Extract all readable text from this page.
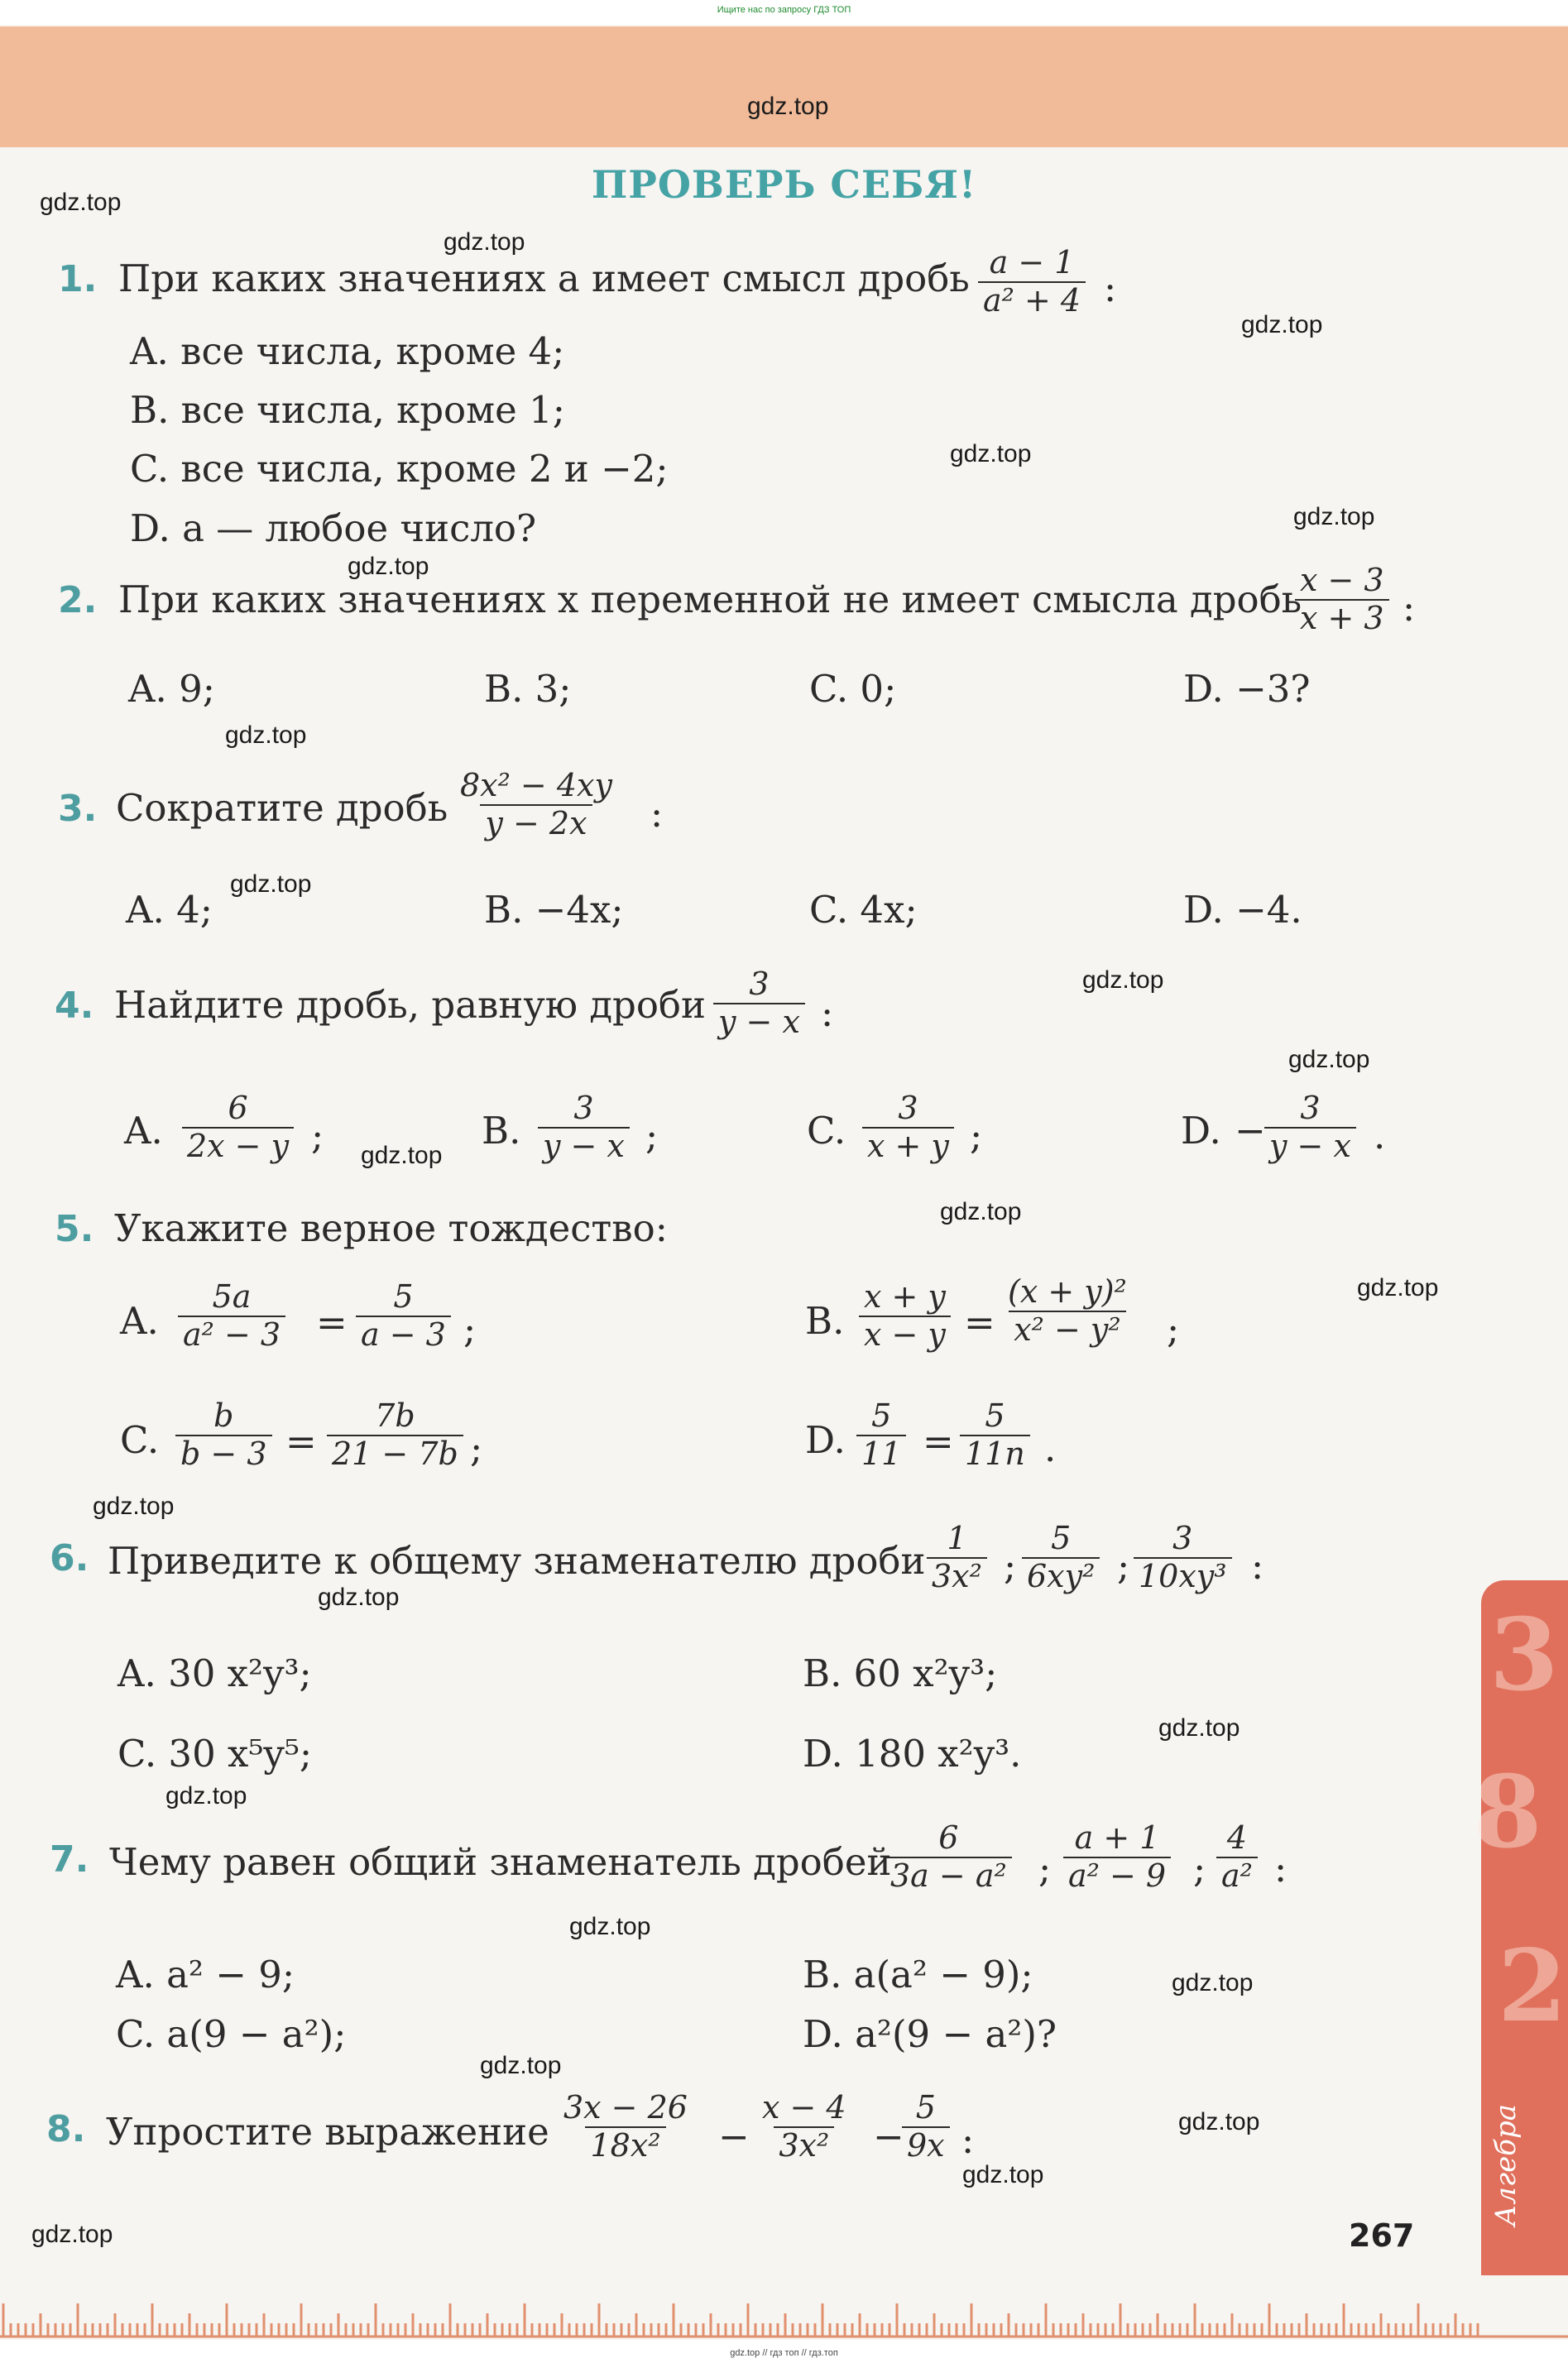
Ищите нас по запросу ГДЗ ТОП
ПРОВЕРЬ СЕБЯ!
3
8
2
Алгебра
267
gdz.top // гдз топ // гдз.топ
1. При каких значениях a имеет смысл дробь $\frac{a - 1}{\text{a² + 4}}$ :
A. все числа, кроме 4;
B. все числа, кроме 1;
C. все числа, кроме 2 и −2;
D. a — любое число?
2. При каких значениях x переменной не имеет смысла дробь
$\frac{x - 3}{x + 3}$ :
A. 9;	B. 3;	C. 0;	D. −3?
3. Сократите дробь $\frac{\text{8x² − 4xy}}{y - 2x}$ :
A. 4;	B. −4x;	C. 4x;	D. −4.
4. Найдите дробь, равную дроби $\frac{3}{y - x}$ :
A. $\frac{6}{2x - y}$ ;	B. $\frac{3}{y - x}$ ;	C. $\frac{3}{x + y}$ ;	D. −
$\frac{3}{y - x}$ .
5. Укажите верное тождество:
A. $\frac{5a}{\text{a² − 3}} = \frac{5}{a - 3}$ ;	B. $\frac{x + y}{x - y} = \frac{\text{(x + y)²}}{\text{x² − y²}}$ ;
C. $\frac{b}{b - 3} = \frac{7b}{21 - 7b}$ ;	D. $\frac{5}{11} = \frac{5}{11n}$ .
6. Приведите к общему знаменателю дроби $\frac{1}{\text{3x²}}$ ; $\frac{5}{\text{6xy²}}$ ; $\frac{3}{\text{10xy³}}$ :
A. 30 x²y³;	B. 60 x²y³;
C. 30 x⁵y⁵;	D. 180 x²y³.
7. Чему равен общий знаменатель дробей
$\frac{6}{\text{3a − a²}}$ ; $\frac{a + 1}{\text{a² − 9}}$ ; $\frac{4}{\text{a²}}$ :
A. a² − 9;	B. a(a² − 9);
C. a(9 − a²);	D. a²(9 − a²)?
8. Упростите выражение $\frac{3x - 26}{\text{18x²}} - \frac{x - 4}{\text{3x²}}$ −
$\frac{5}{9x}$ :
gdz.top
gdz.top
gdz.top
gdz.top
gdz.top
gdz.top
gdz.top
gdz.top
gdz.top
gdz.top
gdz.top
gdz.top
gdz.top
gdz.top
gdz.top
gdz.top
gdz.top
gdz.top
gdz.top
gdz.top
gdz.top
gdz.top
gdz.top
gdz.top
